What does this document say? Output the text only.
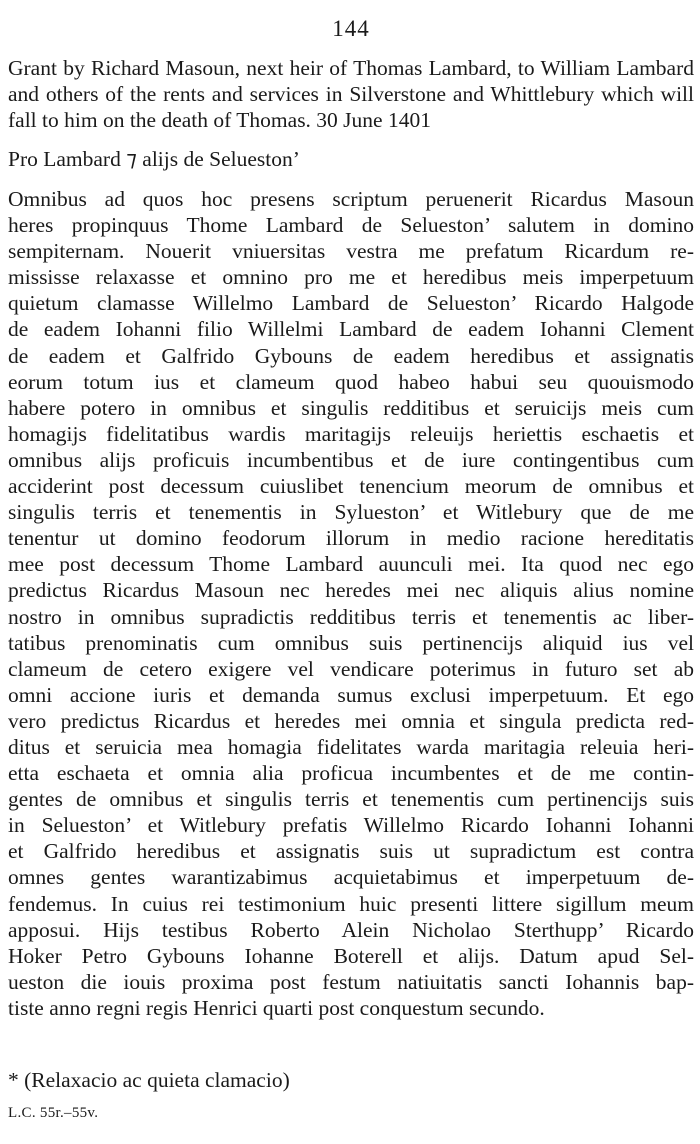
144
Grant by Richard Masoun, next heir of Thomas Lambard, to William Lambard and others of the rents and services in Silverstone and Whittlebury which will fall to him on the death of Thomas. 30 June 1401
Pro Lambard ⁊ alijs de Selueston’
Omnibus ad quos hoc presens scriptum peruenerit Ricardus Masoun
heres propinquus Thome Lambard de Selueston’ salutem in domino
sempiternam. Nouerit vniuersitas vestra me prefatum Ricardum re-
mississe relaxasse et omnino pro me et heredibus meis imperpetuum
quietum clamasse Willelmo Lambard de Selueston’ Ricardo Halgode
de eadem Iohanni filio Willelmi Lambard de eadem Iohanni Clement
de eadem et Galfrido Gybouns de eadem heredibus et assignatis
eorum totum ius et clameum quod habeo habui seu quouismodo
habere potero in omnibus et singulis redditibus et seruicijs meis cum
homagijs fidelitatibus wardis maritagijs releuijs heriettis eschaetis et
omnibus alijs proficuis incumbentibus et de iure contingentibus cum
acciderint post decessum cuiuslibet tenencium meorum de omnibus et
singulis terris et tenementis in Sylueston’ et Witlebury que de me
tenentur ut domino feodorum illorum in medio racione hereditatis
mee post decessum Thome Lambard auunculi mei. Ita quod nec ego
predictus Ricardus Masoun nec heredes mei nec aliquis alius nomine
nostro in omnibus supradictis redditibus terris et tenementis ac liber-
tatibus prenominatis cum omnibus suis pertinencijs aliquid ius vel
clameum de cetero exigere vel vendicare poterimus in futuro set ab
omni accione iuris et demanda sumus exclusi imperpetuum. Et ego
vero predictus Ricardus et heredes mei omnia et singula predicta red-
ditus et seruicia mea homagia fidelitates warda maritagia releuia heri-
etta eschaeta et omnia alia proficua incumbentes et de me contin-
gentes de omnibus et singulis terris et tenementis cum pertinencijs suis
in Selueston’ et Witlebury prefatis Willelmo Ricardo Iohanni Iohanni
et Galfrido heredibus et assignatis suis ut supradictum est contra
omnes gentes warantizabimus acquietabimus et imperpetuum de-
fendemus. In cuius rei testimonium huic presenti littere sigillum meum
apposui. Hijs testibus Roberto Alein Nicholao Sterthupp’ Ricardo
Hoker Petro Gybouns Iohanne Boterell et alijs. Datum apud Sel-
ueston die iouis proxima post festum natiuitatis sancti Iohannis bap-
tiste anno regni regis Henrici quarti post conquestum secundo.
* (Relaxacio ac quieta clamacio)
L.C. 55r.–55v.
